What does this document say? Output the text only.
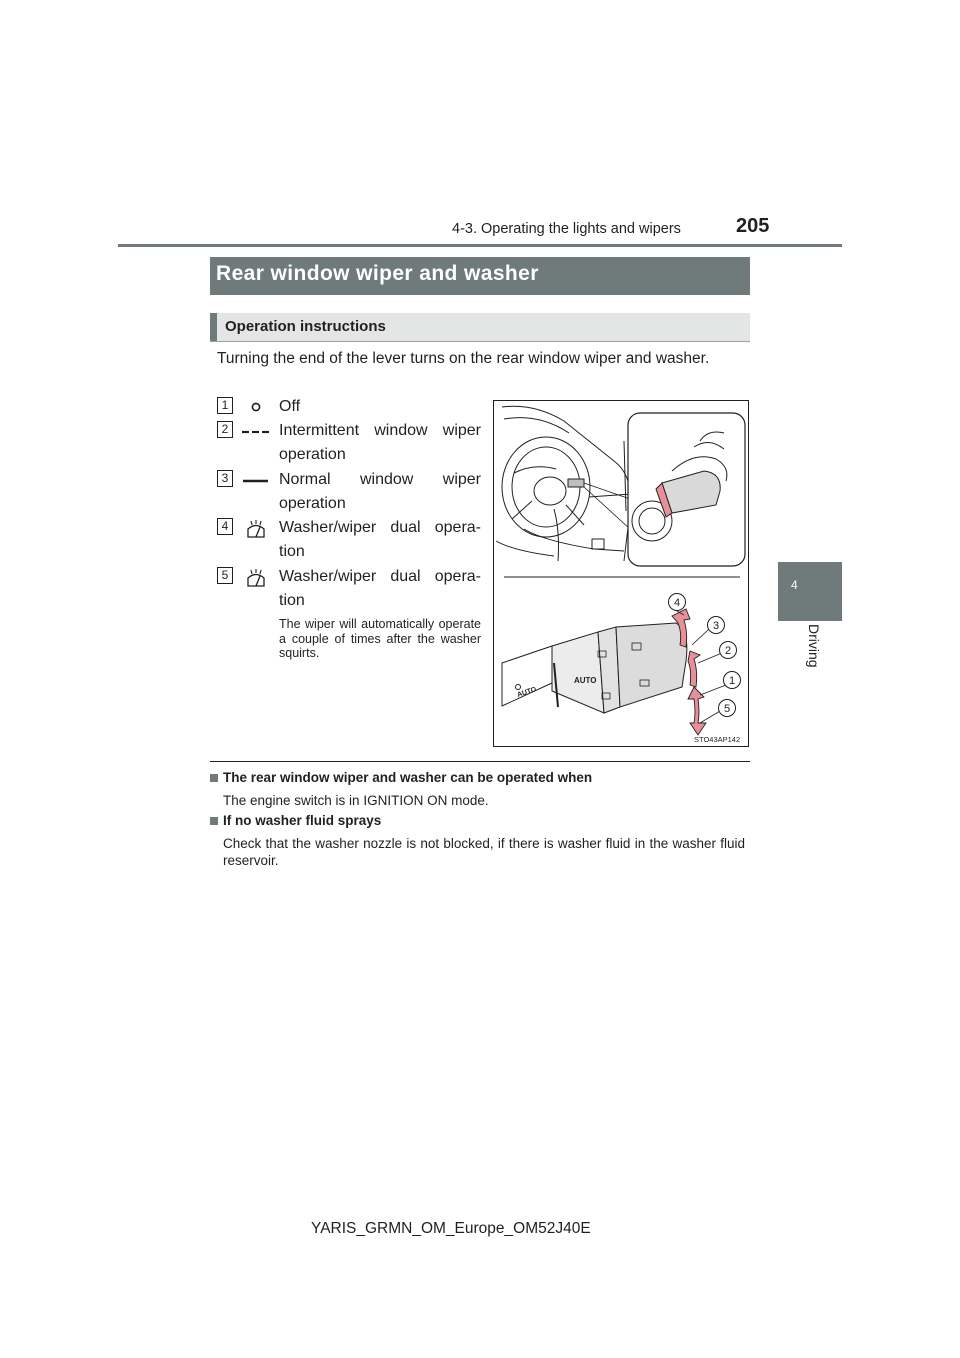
4-3. Operating the lights and wipers	205
4
Driving
Rear window wiper and washer
Operation instructions
Turning the end of the lever turns on the rear window wiper and washer.
1	Off
2	Intermittent window wiper operation
3	Normal window wiper operation
4	Washer/wiper dual opera-tion
5	Washer/wiper dual opera-tion
The wiper will automatically operate a couple of times after the washer squirts.
AUTO
AUTO
4
3
2
1
5
STO43AP142
The rear window wiper and washer can be operated when
The engine switch is in IGNITION ON mode.
If no washer fluid sprays
Check that the washer nozzle is not blocked, if there is washer fluid in the washer fluid reservoir.
YARIS_GRMN_OM_Europe_OM52J40E
